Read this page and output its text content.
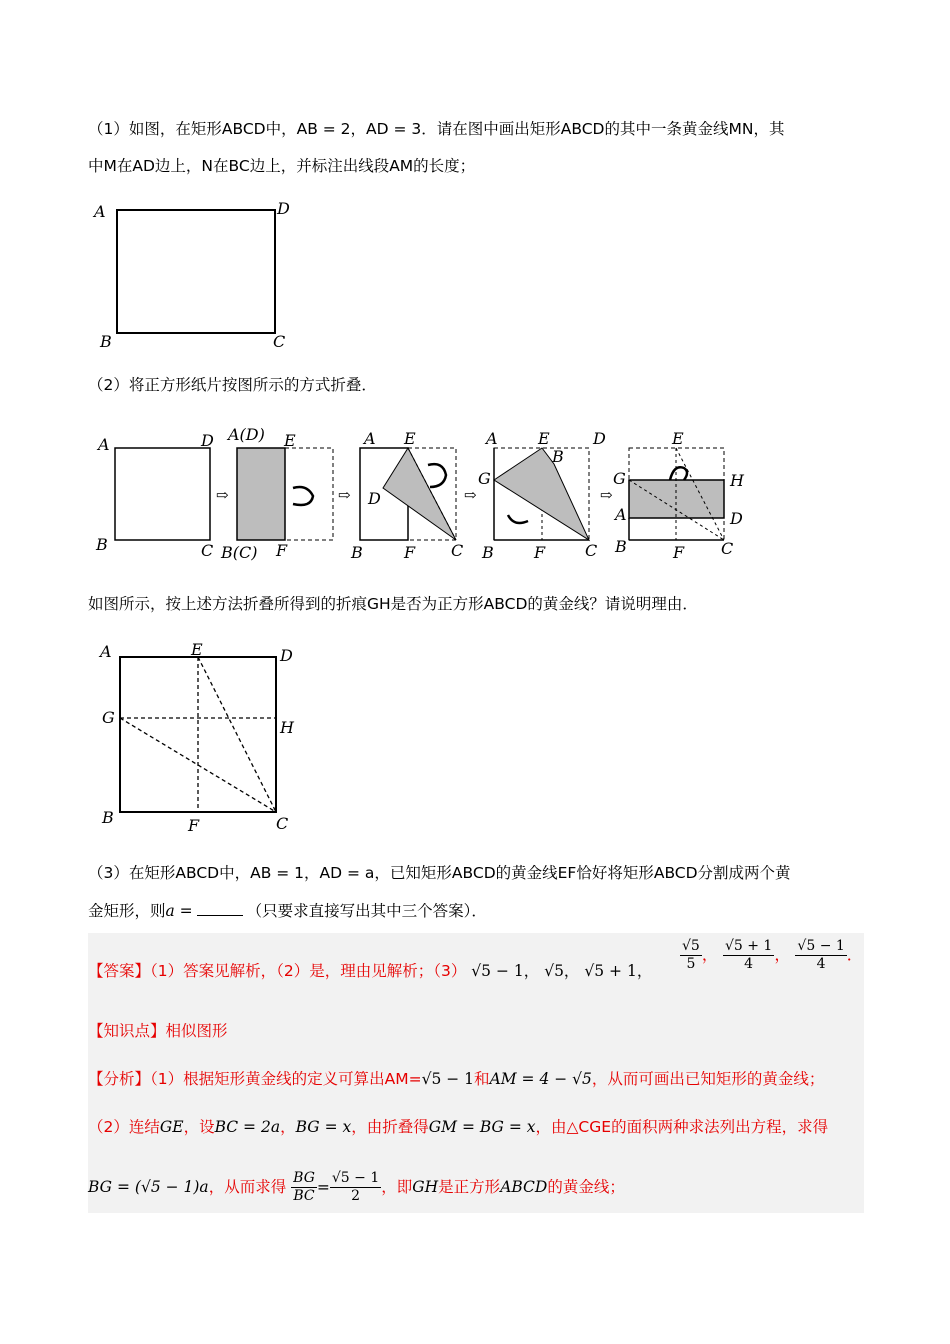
（1）如图，在矩形ABCD中，AB = 2，AD = 3．请在图中画出矩形ABCD的其中一条黄金线MN，其
中M在AD边上，N在BC边上，并标注出线段AM的长度；
A	D
B	C
（2）将正方形纸片按图所示的方式折叠．
A	D
B	C
⇨
A(D) E
B(C) F
⇨
A E
D
B	F C
⇨
A	E	D
B
G
B	F C
⇨
E
G	H
A	D
B	F C
如图所示，按上述方法折叠所得到的折痕GH是否为正方形ABCD的黄金线？请说明理由．
A	E	D
G
H
B	F	C
（3）在矩形ABCD中，AB = 1，AD = a，已知矩形ABCD的黄金线EF恰好将矩形ABCD分割成两个黄
金矩形，则a =	（只要求直接写出其中三个答案）．
【答案】（1）答案见解析，（2）是，理由见解析；（3） √5 − 1， √5， √5 + 1， $\frac{√5}{5}$ ， $\frac{√5 + 1}{4}$ ， $\frac{√5 - 1}{4}$ ．
【知识点】相似图形
【分析】（1）根据矩形黄金线的定义可算出AM=√5 − 1和AM = 4 − √5，从而可画出已知矩形的黄金线；
（2）连结GE，设BC = 2a，BG = x，由折叠得GM = BG = x，由△CGE的面积两种求法列出方程，求得
BG = (√5 − 1)a，从而求得 $\frac{BG}{BC} = \frac{√5 - 1}{2}$ ，即GH是正方形ABCD的黄金线；
